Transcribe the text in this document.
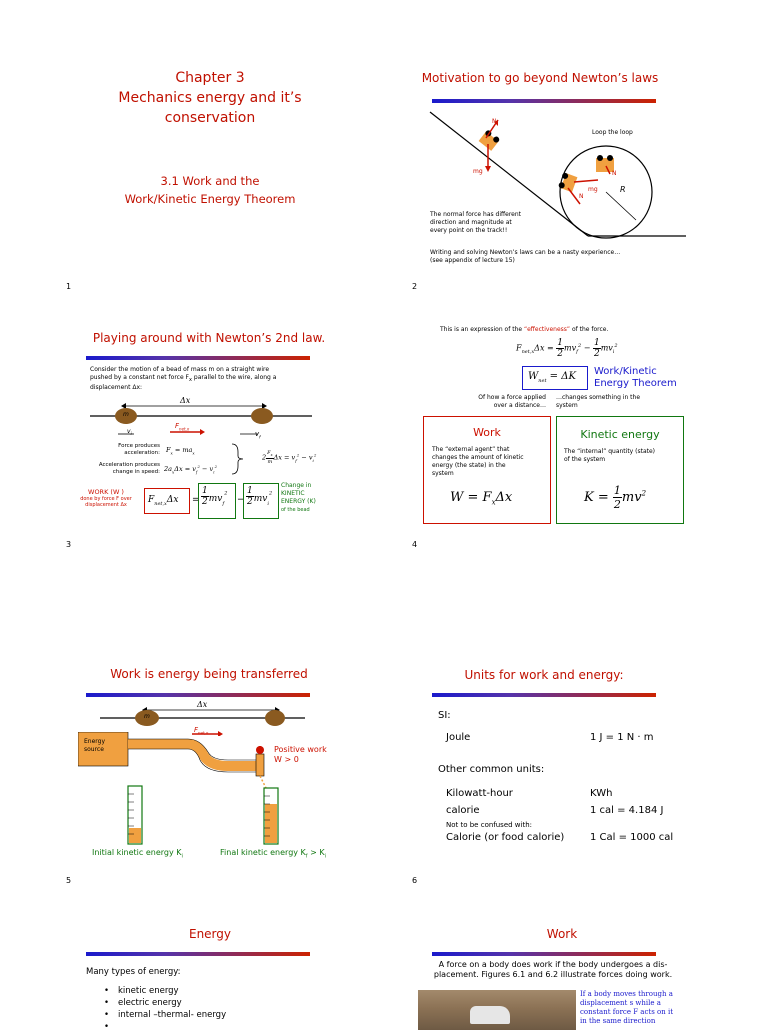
Chapter 3
Mechanics energy and it’s
conservation
3.1 Work and the
Work/Kinetic Energy Theorem
1
Motivation to go beyond Newton’s laws
N
mg	N
mg
N
R
Loop the loop
The normal force has different
direction and magnitude at
every point on the track!!
Writing and solving Newton’s laws can be a nasty experience…
(see appendix of lecture 15)
2
Playing around with Newton’s 2nd law.
Consider the motion of a bead of mass m on a straight wire
pushed by a constant net force $F_x$ parallel to the wire, along a
displacement Δx:
Δx
m
$F_{net,x}$
$v_i$	$v_f$
Force produces
acceleration: $F_x = ma_x$
Acceleration produces
change in speed: $2a_x\Delta x = v_f^2 - v_i^2$
$2 \frac{F_x}{m}\Delta x = v_f^2 - v_i^2$
WORK (W )
done by force F over
displacement Δx	$F_{net,x}\Delta x = \frac{1}{2}mv_f^2$
− $\frac{1}{2}mv_i^2$
Change in
KINETIC
ENERGY (K)
of the bead
3
This is an expression of the “effectiveness” of the force.
$F_{net,x}\Delta x = \frac{1}{2}mv_f^2 - \frac{1}{2}mv_i^2$
$W_{net} = \Delta K$ Work/Kinetic
Energy Theorem
Of how a force applied
over a distance…
…changes something in the
system
Work
The “external agent” that
changes the amount of kinetic
energy (the state) in the
system
$W = F_x\Delta x$
Kinetic energy
The “internal” quantity (state)
of the system
$K = \frac{1}{2}mv^2$
4
Work is energy being transferred
Δx
m
$F_{net,x}$
Energy
source	Positive work
W > 0
Initial kinetic energy $K_i$	Final kinetic energy $K_f > K_i$
5
Units for work and energy:
SI:
Joule	1 J = 1 N · m
Other common units:
Kilowatt-hour	KWh
calorie	1 cal = 4.184 J
Not to be confused with:
Calorie (or food calorie)	1 Cal = 1000 cal
6
Energy
Many types of energy:
• kinetic energy
• electric energy
• internal –thermal- energy
Work
A force on a body does work if the body undergoes a dis-
placement. Figures 6.1 and 6.2 illustrate forces doing work.
If a body moves through a
displacement s while a
constant force F acts on it
in the same direction
